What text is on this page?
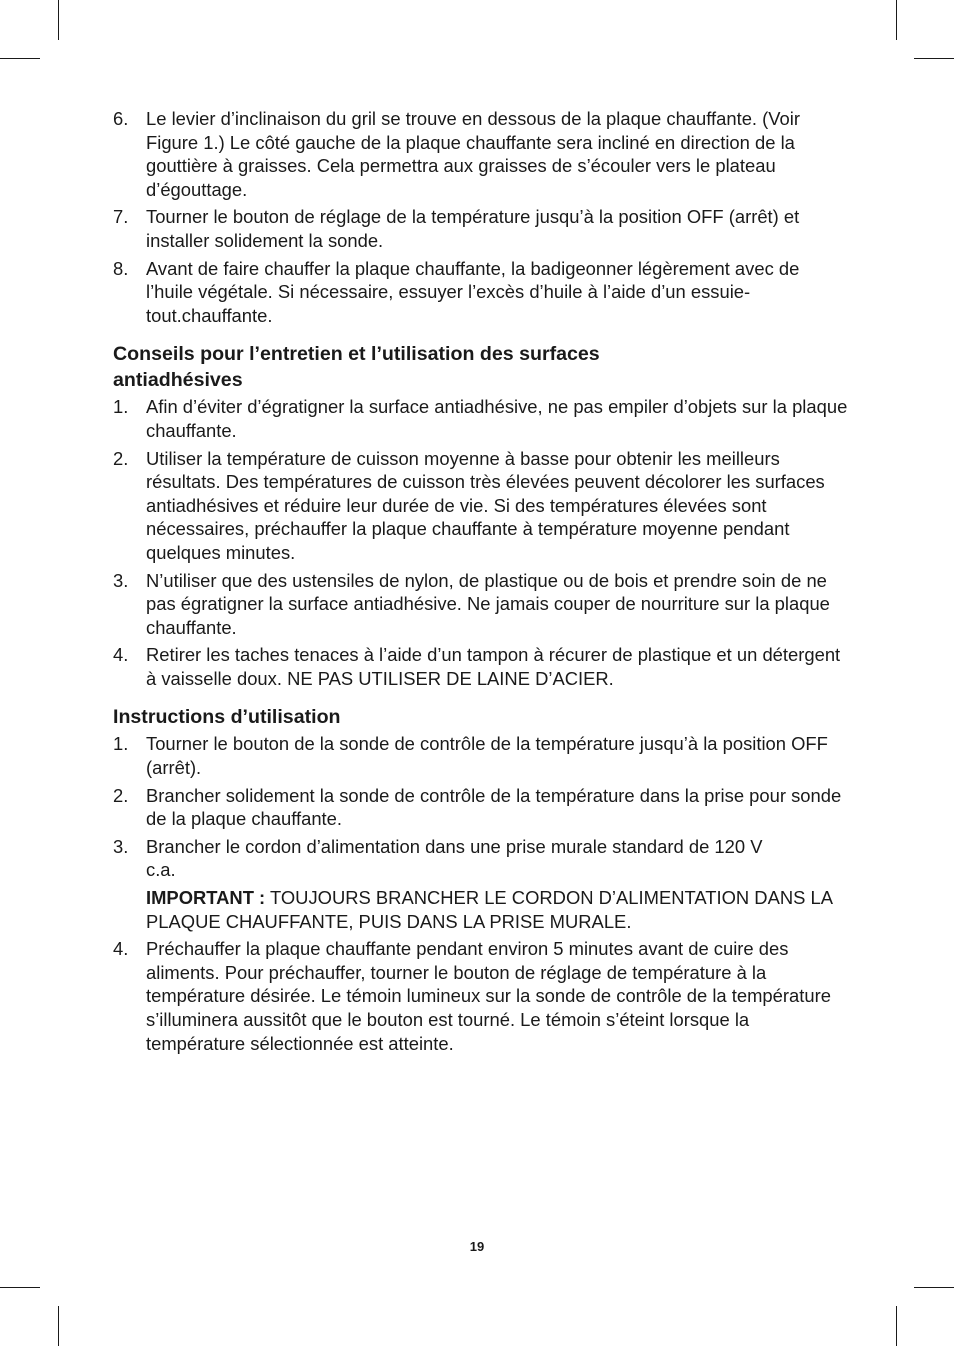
6. Le levier d’inclinaison du gril se trouve en dessous de la plaque chauffante. (Voir Figure 1.) Le côté gauche de la plaque chauffante sera incliné en direction de la gouttière à graisses. Cela permettra aux graisses de s’écouler vers le plateau d’égouttage.

7. Tourner le bouton de réglage de la température jusqu’à la position OFF (arrêt) et installer solidement la sonde.

8. Avant de faire chauffer la plaque chauffante, la badigeonner légèrement avec de l’huile végétale. Si nécessaire, essuyer l’excès d’huile à l’aide d’un essuie-tout.chauffante.

Conseils pour l’entretien et l’utilisation des surfaces antiadhésives
1. Afin d’éviter d’égratigner la surface antiadhésive, ne pas empiler d’objets sur la plaque chauffante.

2. Utiliser la température de cuisson moyenne à basse pour obtenir les meilleurs résultats. Des températures de cuisson très élevées peuvent décolorer les surfaces antiadhésives et réduire leur durée de vie. Si des températures élevées sont nécessaires, préchauffer la plaque chauffante à température moyenne pendant quelques minutes.

3. N’utiliser que des ustensiles de nylon, de plastique ou de bois et prendre soin de ne pas égratigner la surface antiadhésive. Ne jamais couper de nourriture sur la plaque chauffante.

4. Retirer les taches tenaces à l’aide d’un tampon à récurer de plastique et un détergent à vaisselle doux. NE PAS UTILISER DE LAINE D’ACIER.

Instructions d’utilisation
1. Tourner le bouton de la sonde de contrôle de la température jusqu’à la position OFF (arrêt).

2. Brancher solidement la sonde de contrôle de la température dans la prise pour sonde de la plaque chauffante.

3. Brancher le cordon d’alimentation dans une prise murale standard de 120 V c.a.

IMPORTANT : TOUJOURS BRANCHER LE CORDON D’ALIMENTATION DANS LA PLAQUE CHAUFFANTE, PUIS DANS LA PRISE MURALE.

4. Préchauffer la plaque chauffante pendant environ 5 minutes avant de cuire des aliments. Pour préchauffer, tourner le bouton de réglage de température à la température désirée. Le témoin lumineux sur la sonde de contrôle de la température s’illuminera aussitôt que le bouton est tourné. Le témoin s’éteint lorsque la température sélectionnée est atteinte.

19
